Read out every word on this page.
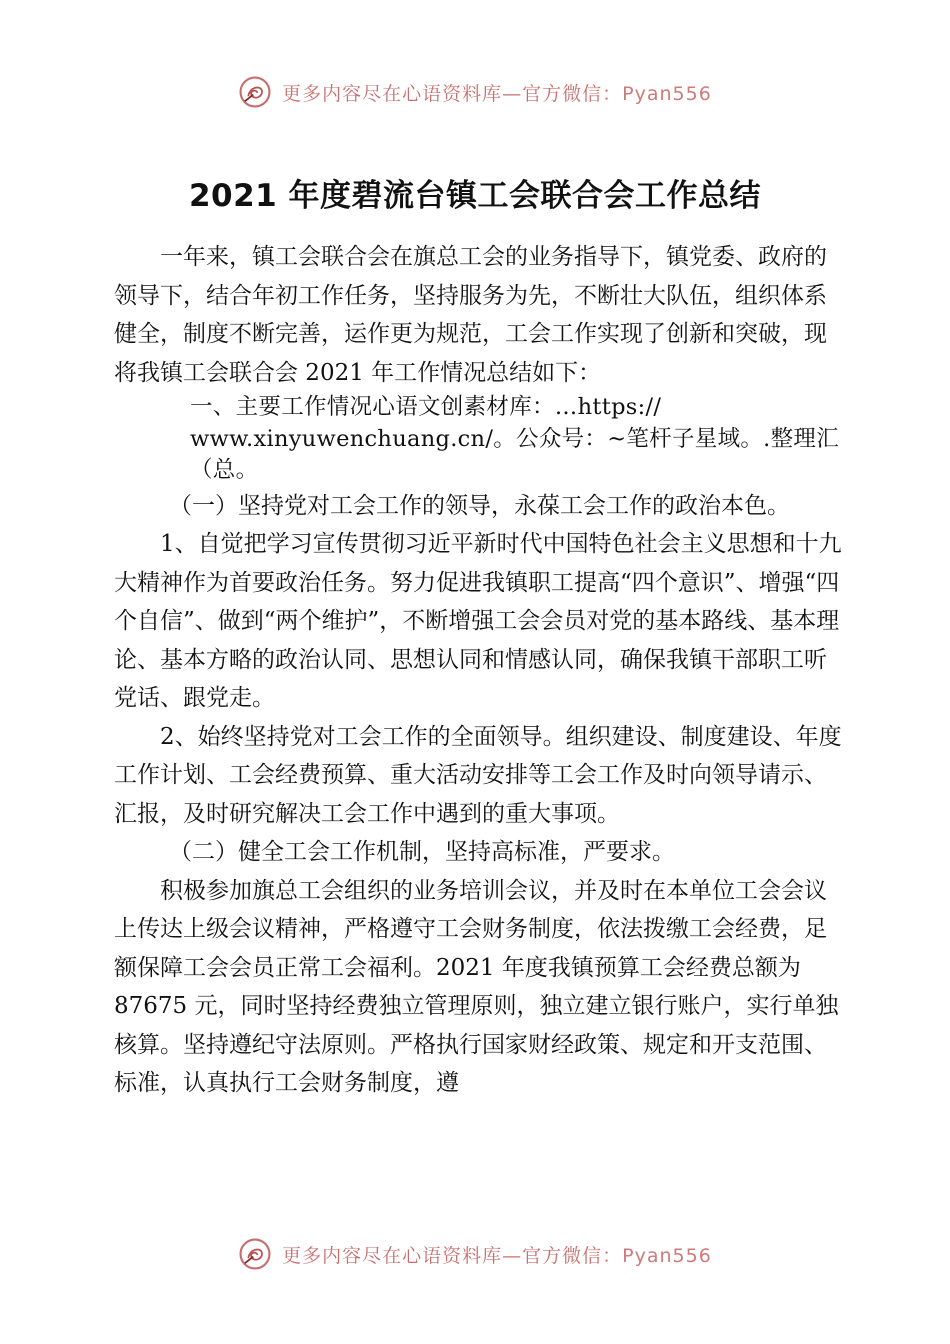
更多内容尽在心语资料库—官方微信：Pyan556
2021 年度碧流台镇工会联合会工作总结

一年来，镇工会联合会在旗总工会的业务指导下，镇党委、政府的领导下，结合年初工作任务，坚持服务为先，不断壮大队伍，组织体系健全，制度不断完善，运作更为规范，工会工作实现了创新和突破，现将我镇工会联合会 2021 年工作情况总结如下：

一、主要工作情况心语文创素材库：…https://
www.xinyuwenchuang.cn/。公众号：~笔杆子星域。.整理汇
（总。

（一）坚持党对工会工作的领导，永葆工会工作的政治本色。

1、自觉把学习宣传贯彻习近平新时代中国特色社会主义思想和十九大精神作为首要政治任务。努力促进我镇职工提高“四个意识”、增强“四个自信”、做到“两个维护”，不断增强工会会员对党的基本路线、基本理论、基本方略的政治认同、思想认同和情感认同，确保我镇干部职工听党话、跟党走。

2、始终坚持党对工会工作的全面领导。组织建设、制度建设、年度工作计划、工会经费预算、重大活动安排等工会工作及时向领导请示、汇报，及时研究解决工会工作中遇到的重大事项。

（二）健全工会工作机制，坚持高标准，严要求。

积极参加旗总工会组织的业务培训会议，并及时在本单位工会会议上传达上级会议精神，严格遵守工会财务制度，依法拨缴工会经费，足额保障工会会员正常工会福利。2021 年度我镇预算工会经费总额为 87675 元，同时坚持经费独立管理原则，独立建立银行账户，实行单独核算。坚持遵纪守法原则。严格执行国家财经政策、规定和开支范围、标准，认真执行工会财务制度，遵

更多内容尽在心语资料库—官方微信：Pyan556
